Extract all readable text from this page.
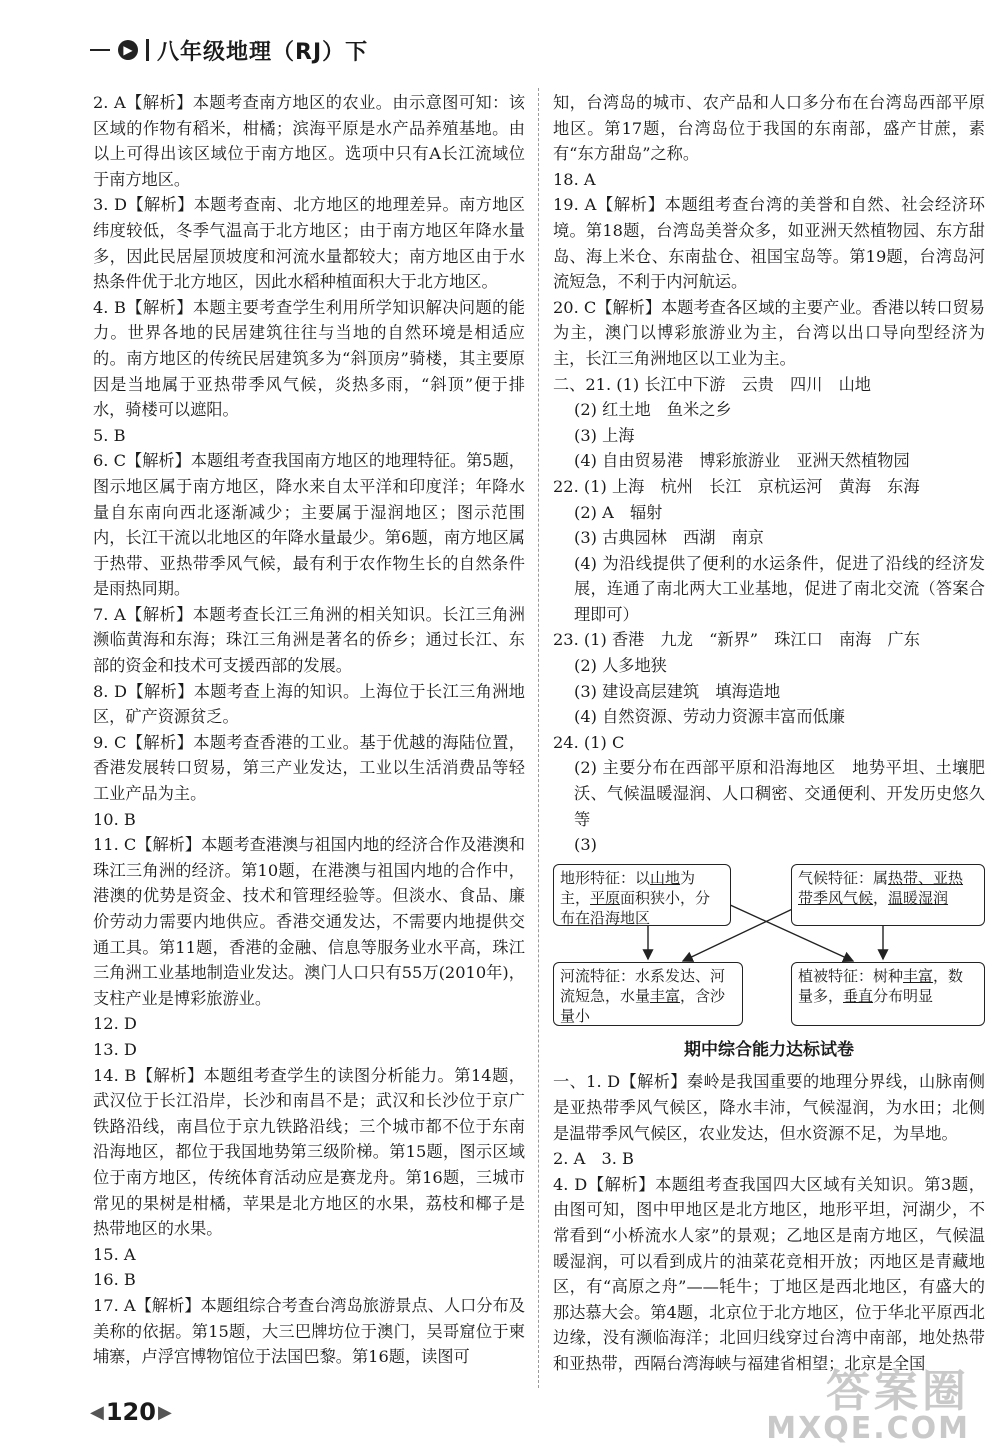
▶ 八年级地理（RJ）下

2. A【解析】本题考查南方地区的农业。由示意图可知：该区域的作物有稻米，柑橘；滨海平原是水产品养殖基地。由以上可得出该区域位于南方地区。选项中只有A长江流域位于南方地区。

3. D【解析】本题考查南、北方地区的地理差异。南方地区纬度较低，冬季气温高于北方地区；由于南方地区年降水量多，因此民居屋顶坡度和河流水量都较大；南方地区由于水热条件优于北方地区，因此水稻种植面积大于北方地区。

4. B【解析】本题主要考查学生利用所学知识解决问题的能力。世界各地的民居建筑往往与当地的自然环境是相适应的。南方地区的传统民居建筑多为“斜顶房”骑楼，其主要原因是当地属于亚热带季风气候，炎热多雨，“斜顶”便于排水，骑楼可以遮阳。

5. B

6. C【解析】本题组考查我国南方地区的地理特征。第5题，图示地区属于南方地区，降水来自太平洋和印度洋；年降水量自东南向西北逐渐减少；主要属于湿润地区；图示范围内，长江干流以北地区的年降水量最少。第6题，南方地区属于热带、亚热带季风气候，最有利于农作物生长的自然条件是雨热同期。

7. A【解析】本题考查长江三角洲的相关知识。长江三角洲濒临黄海和东海；珠江三角洲是著名的侨乡；通过长江、东部的资金和技术可支援西部的发展。

8. D【解析】本题考查上海的知识。上海位于长江三角洲地区，矿产资源贫乏。

9. C【解析】本题考查香港的工业。基于优越的海陆位置，香港发展转口贸易，第三产业发达，工业以生活消费品等轻工业产品为主。

10. B

11. C【解析】本题考查港澳与祖国内地的经济合作及港澳和珠江三角洲的经济。第10题，在港澳与祖国内地的合作中，港澳的优势是资金、技术和管理经验等。但淡水、食品、廉价劳动力需要内地供应。香港交通发达，不需要内地提供交通工具。第11题，香港的金融、信息等服务业水平高，珠江三角洲工业基地制造业发达。澳门人口只有55万(2010年)，支柱产业是博彩旅游业。

12. D

13. D

14. B【解析】本题组考查学生的读图分析能力。第14题，武汉位于长江沿岸，长沙和南昌不是；武汉和长沙位于京广铁路沿线，南昌位于京九铁路沿线；三个城市都不位于东南沿海地区，都位于我国地势第三级阶梯。第15题，图示区域位于南方地区，传统体育活动应是赛龙舟。第16题，三城市常见的果树是柑橘，苹果是北方地区的水果，荔枝和椰子是热带地区的水果。

15. A

16. B

17. A【解析】本题组综合考查台湾岛旅游景点、人口分布及美称的依据。第15题，大三巴牌坊位于澳门，吴哥窟位于柬埔寨，卢浮宫博物馆位于法国巴黎。第16题，读图可

知，台湾岛的城市、农产品和人口多分布在台湾岛西部平原地区。第17题，台湾岛位于我国的东南部，盛产甘蔗，素有“东方甜岛”之称。

18. A

19. A【解析】本题组考查台湾的美誉和自然、社会经济环境。第18题，台湾岛美誉众多，如亚洲天然植物园、东方甜岛、海上米仓、东南盐仓、祖国宝岛等。第19题，台湾岛河流短急，不利于内河航运。

20. C【解析】本题考查各区域的主要产业。香港以转口贸易为主，澳门以博彩旅游业为主，台湾以出口导向型经济为主，长江三角洲地区以工业为主。

二、21. (1) 长江中下游　云贵　四川　山地

(2) 红土地　鱼米之乡

(3) 上海

(4) 自由贸易港　博彩旅游业　亚洲天然植物园

22. (1) 上海　杭州　长江　京杭运河　黄海　东海

(2) A　辐射

(3) 古典园林　西湖　南京

(4) 为沿线提供了便利的水运条件，促进了沿线的经济发展，连通了南北两大工业基地，促进了南北交流（答案合理即可）

23. (1) 香港　九龙　“新界”　珠江口　南海　广东

(2) 人多地狭

(3) 建设高层建筑　填海造地

(4) 自然资源、劳动力资源丰富而低廉

24. (1) C

(2) 主要分布在西部平原和沿海地区　地势平坦、土壤肥沃、气候温暖湿润、人口稠密、交通便利、开发历史悠久等

(3)

地形特征：以山地为主，平原面积狭小，分布在沿海地区
气候特征：属热带、亚热带季风气候，温暖湿润
河流特征：水系发达、河流短急，水量丰富，含沙量小
植被特征：树种丰富，数量多，垂直分布明显
期中综合能力达标试卷

一、1. D【解析】秦岭是我国重要的地理分界线，山脉南侧是亚热带季风气候区，降水丰沛，气候湿润，为水田；北侧是温带季风气候区，农业发达，但水资源不足，为旱地。

2. A　3. B

4. D【解析】本题组考查我国四大区域有关知识。第3题，由图可知，图中甲地区是北方地区，地形平坦，河湖少，不常看到“小桥流水人家”的景观；乙地区是南方地区，气候温暖湿润，可以看到成片的油菜花竞相开放；丙地区是青藏地区，有“高原之舟”——牦牛；丁地区是西北地区，有盛大的那达慕大会。第4题，北京位于北方地区，位于华北平原西北边缘，没有濒临海洋；北回归线穿过台湾中南部，地处热带和亚热带，西隔台湾海峡与福建省相望；北京是全国

◀ 120 ▶	答案圈
MXQE.COM
